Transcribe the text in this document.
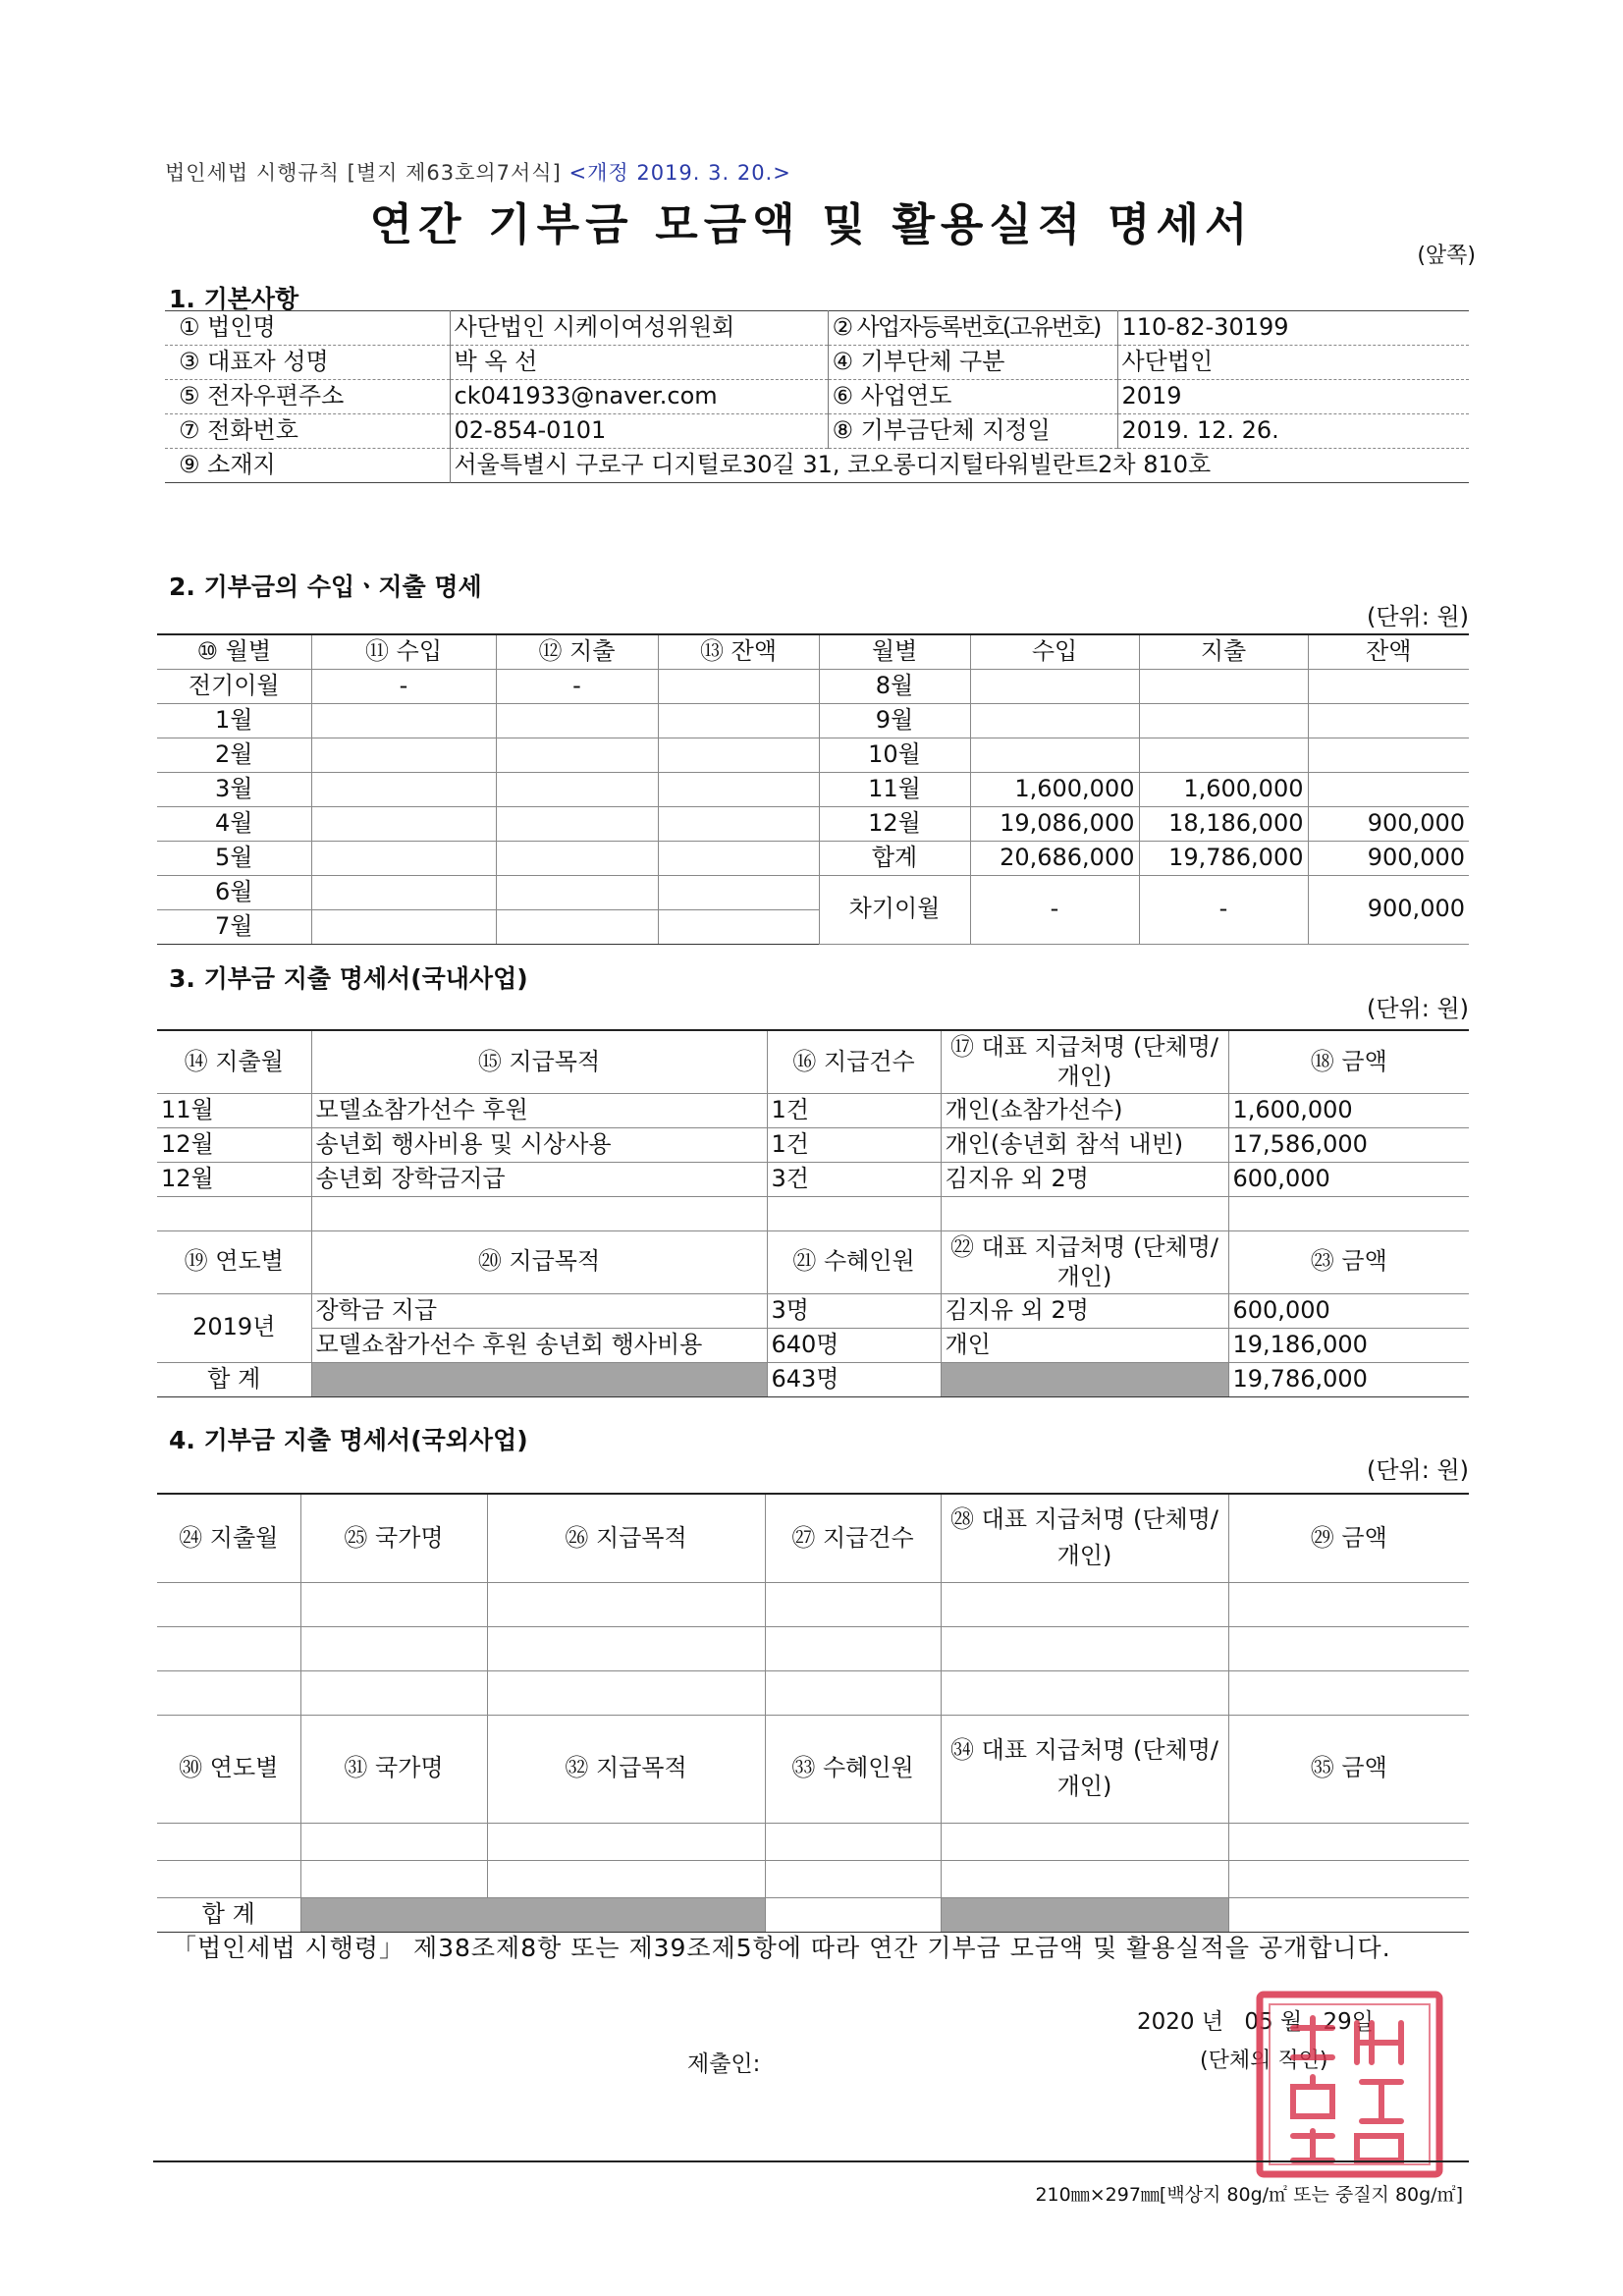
법인세법 시행규칙 [별지 제63호의7서식] <개정 2019. 3. 20.>
연간 기부금 모금액 및 활용실적 명세서
(앞쪽)
1. 기본사항
① 법인명	사단법인 시케이여성위원회	② 사업자등록번호(고유번호)	110-82-30199
③ 대표자 성명	박 옥 선	④ 기부단체 구분	사단법인
⑤ 전자우편주소	ck041933@naver.com	⑥ 사업연도	2019
⑦ 전화번호	02-854-0101	⑧ 기부금단체 지정일	2019. 12. 26.
⑨ 소재지	서울특별시 구로구 디지털로30길 31, 코오롱디지털타워빌란트2차 810호		
2. 기부금의 수입ㆍ지출 명세
(단위: 원)
⑩ 월별	⑪ 수입	⑫ 지출	⑬ 잔액	월별	수입	지출	잔액
전기이월	-	-		8월			
1월				9월			
2월				10월			
3월				11월	1,600,000	1,600,000	
4월				12월	19,086,000	18,186,000	900,000
5월				합계	20,686,000	19,786,000	900,000
6월				차기이월	-	-	900,000
7월							
3. 기부금 지출 명세서(국내사업)
(단위: 원)
⑭ 지출월	⑮ 지급목적	⑯ 지급건수	⑰ 대표 지급처명 (단체명/개인)	⑱ 금액
11월	모델쇼참가선수 후원	1건	개인(쇼참가선수)	1,600,000
12월	송년회 행사비용 및 시상사용	1건	개인(송년회 참석 내빈)	17,586,000
12월	송년회 장학금지급	3건	김지유 외 2명	600,000

⑲ 연도별	⑳ 지급목적	㉑ 수혜인원	㉒ 대표 지급처명 (단체명/개인)	㉓ 금액
2019년	장학금 지급	3명	김지유 외 2명	600,000
	모델쇼참가선수 후원 송년회 행사비용	640명	개인	19,186,000
합 계		643명		19,786,000
4. 기부금 지출 명세서(국외사업)
(단위: 원)
㉔ 지출월	㉕ 국가명	㉖ 지급목적	㉗ 지급건수	㉘ 대표 지급처명 (단체명/개인)	㉙ 금액

㉚ 연도별	㉛ 국가명	㉜ 지급목적	㉝ 수혜인원	㉞ 대표 지급처명 (단체명/개인)	㉟ 금액

합 계					
「법인세법 시행령」 제38조제8항 또는 제39조제5항에 따라 연간 기부금 모금액 및 활용실적을 공개합니다.
2020 년 05 월 29일
제출인:	(단체의 직인)
210㎜×297㎜[백상지 80g/㎡ 또는 중질지 80g/㎡]
